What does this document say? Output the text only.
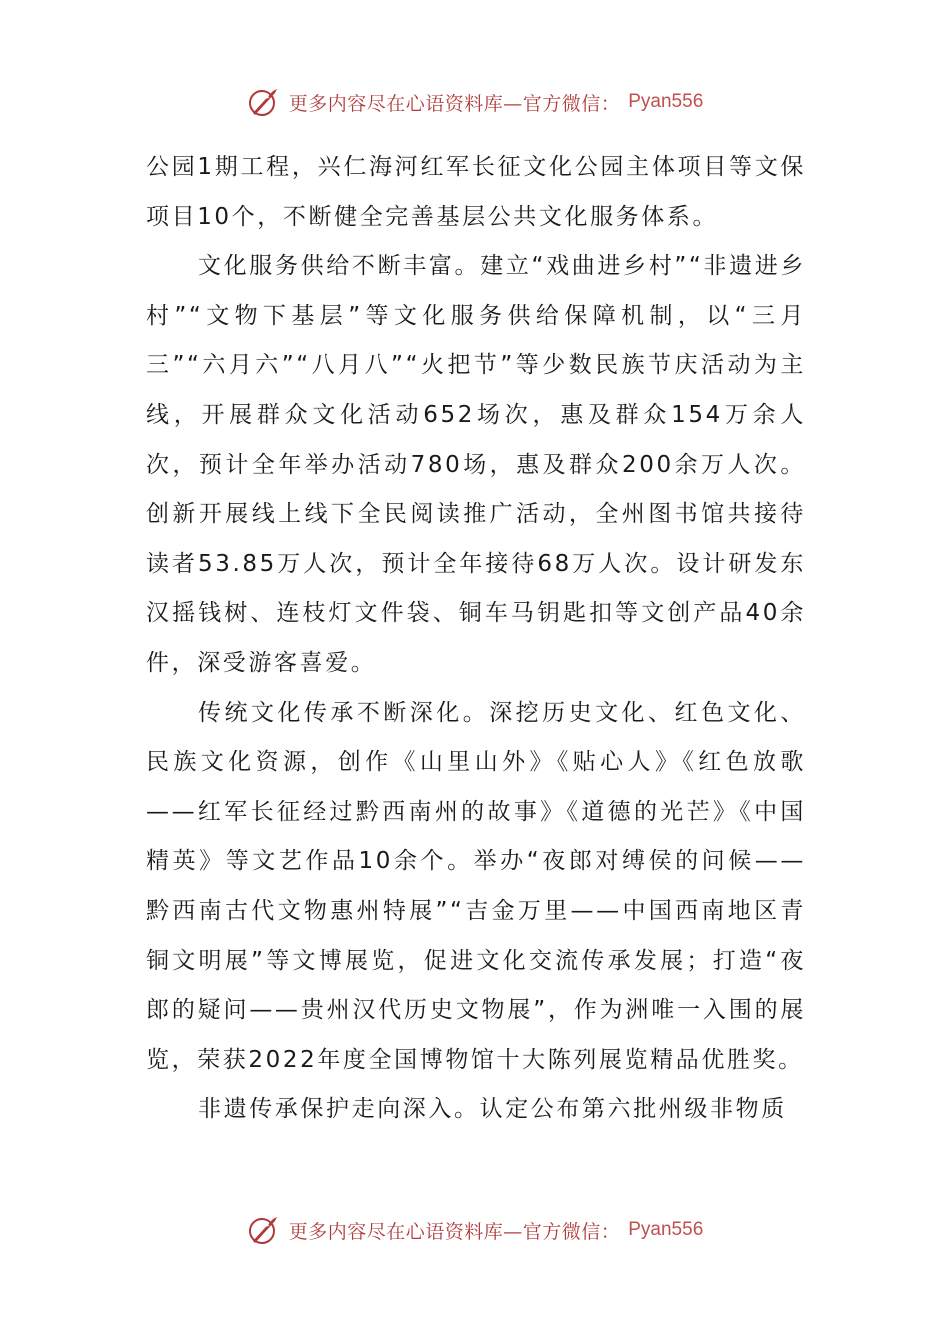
更多内容尽在心语资料库—官方微信： Pyan556

公园1期工程，兴仁海河红军长征文化公园主体项目等文保项目10个，不断健全完善基层公共文化服务体系。

文化服务供给不断丰富。建立“戏曲进乡村”“非遗进乡村”“文物下基层”等文化服务供给保障机制，以“三月三”“六月六”“八月八”“火把节”等少数民族节庆活动为主线，开展群众文化活动652场次，惠及群众154万余人次，预计全年举办活动780场，惠及群众200余万人次。创新开展线上线下全民阅读推广活动，全州图书馆共接待读者53.85万人次，预计全年接待68万人次。设计研发东汉摇钱树、连枝灯文件袋、铜车马钥匙扣等文创产品40余件，深受游客喜爱。

传统文化传承不断深化。深挖历史文化、红色文化、民族文化资源，创作《山里山外》《贴心人》《红色放歌——红军长征经过黔西南州的故事》《道德的光芒》《中国精英》等文艺作品10余个。举办“夜郎对缚侯的问候——黔西南古代文物惠州特展”“吉金万里——中国西南地区青铜文明展”等文博展览，促进文化交流传承发展；打造“夜郎的疑问——贵州汉代历史文物展”，作为洲唯一入围的展览，荣获2022年度全国博物馆十大陈列展览精品优胜奖。

非遗传承保护走向深入。认定公布第六批州级非物质

更多内容尽在心语资料库—官方微信： Pyan556
